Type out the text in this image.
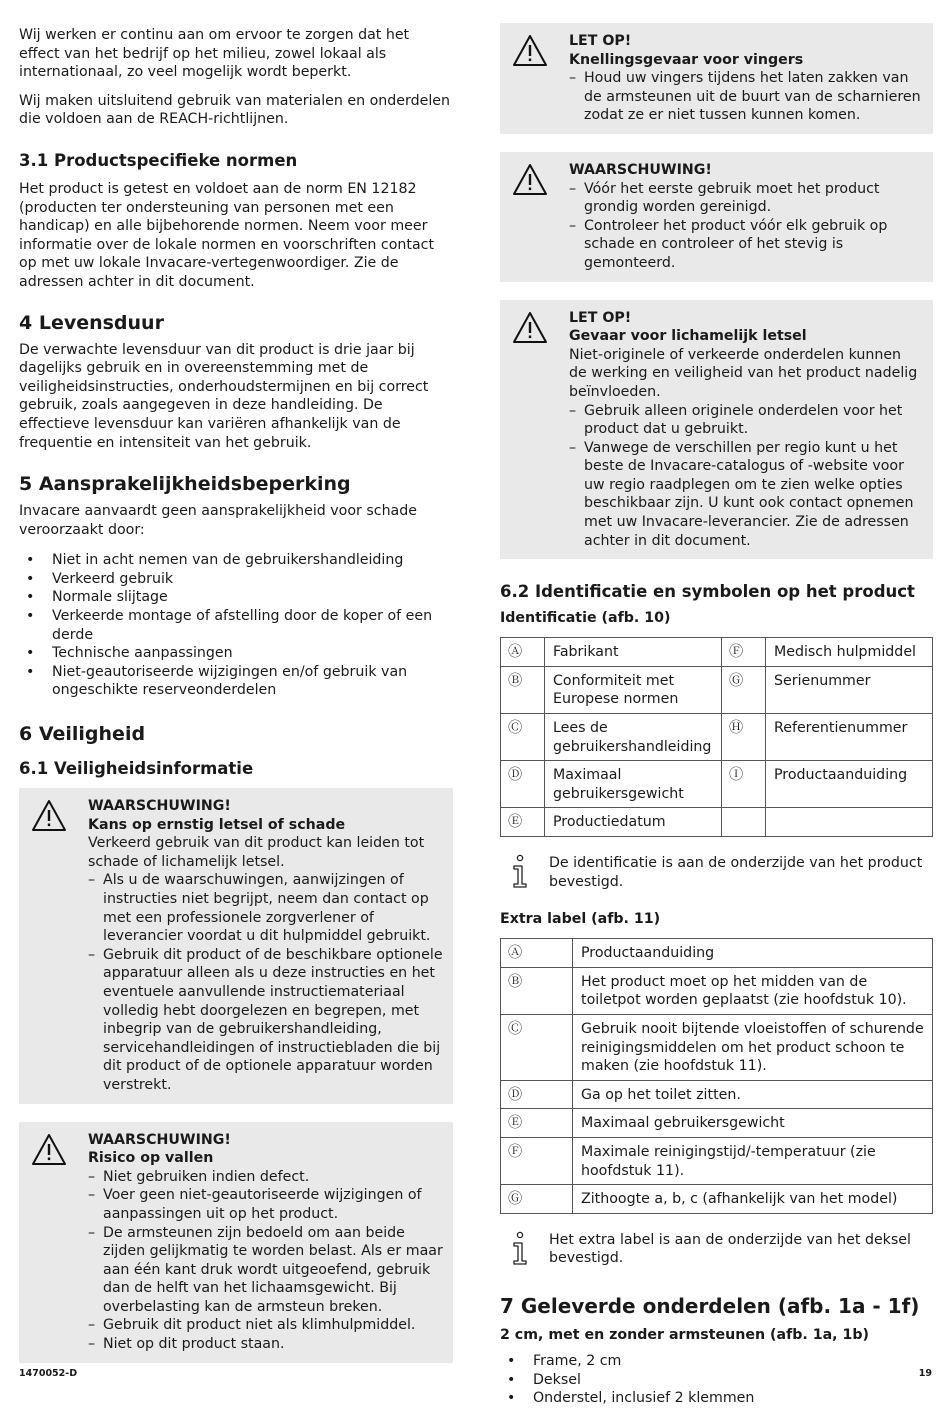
Wij werken er continu aan om ervoor te zorgen dat het effect van het bedrijf op het milieu, zowel lokaal als internationaal, zo veel mogelijk wordt beperkt.

Wij maken uitsluitend gebruik van materialen en onderdelen die voldoen aan de REACH-richtlijnen.

3.1 Productspecifieke normen

Het product is getest en voldoet aan de norm EN 12182 (producten ter ondersteuning van personen met een handicap) en alle bijbehorende normen. Neem voor meer informatie over de lokale normen en voorschriften contact op met uw lokale Invacare-vertegenwoordiger. Zie de adressen achter in dit document.

4 Levensduur

De verwachte levensduur van dit product is drie jaar bij dagelijks gebruik en in overeenstemming met de veiligheidsinstructies, onderhoudstermijnen en bij correct gebruik, zoals aangegeven in deze handleiding. De effectieve levensduur kan variëren afhankelijk van de frequentie en intensiteit van het gebruik.

5 Aansprakelijkheidsbeperking

Invacare aanvaardt geen aansprakelijkheid voor schade veroorzaakt door:

• Niet in acht nemen van de gebruikershandleiding
• Verkeerd gebruik
• Normale slijtage
• Verkeerde montage of afstelling door de koper of een derde
• Technische aanpassingen
• Niet-geautoriseerde wijzigingen en/of gebruik van ongeschikte reserveonderdelen
6 Veiligheid
6.1 Veiligheidsinformatie
WAARSCHUWING!
Kans op ernstig letsel of schade
Verkeerd gebruik van dit product kan leiden tot schade of lichamelijk letsel.
– Als u de waarschuwingen, aanwijzingen of instructies niet begrijpt, neem dan contact op met een professionele zorgverlener of leverancier voordat u dit hulpmiddel gebruikt.
– Gebruik dit product of de beschikbare optionele apparatuur alleen als u deze instructies en het eventuele aanvullende instructiemateriaal volledig hebt doorgelezen en begrepen, met inbegrip van de gebruikershandleiding, servicehandleidingen of instructiebladen die bij dit product of de optionele apparatuur worden verstrekt.
WAARSCHUWING!
Risico op vallen
– Niet gebruiken indien defect.
– Voer geen niet-geautoriseerde wijzigingen of aanpassingen uit op het product.
– De armsteunen zijn bedoeld om aan beide zijden gelijkmatig te worden belast. Als er maar aan één kant druk wordt uitgeoefend, gebruik dan de helft van het lichaamsgewicht. Bij overbelasting kan de armsteun breken.
– Gebruik dit product niet als klimhulpmiddel.
– Niet op dit product staan.
LET OP!
Knellingsgevaar voor vingers
– Houd uw vingers tijdens het laten zakken van de armsteunen uit de buurt van de scharnieren zodat ze er niet tussen kunnen komen.
WAARSCHUWING!
– Vóór het eerste gebruik moet het product grondig worden gereinigd.
– Controleer het product vóór elk gebruik op schade en controleer of het stevig is gemonteerd.
LET OP!
Gevaar voor lichamelijk letsel
Niet-originele of verkeerde onderdelen kunnen de werking en veiligheid van het product nadelig beïnvloeden.
– Gebruik alleen originele onderdelen voor het product dat u gebruikt.
– Vanwege de verschillen per regio kunt u het beste de Invacare-catalogus of -website voor uw regio raadplegen om te zien welke opties beschikbaar zijn. U kunt ook contact opnemen met uw Invacare-leverancier. Zie de adressen achter in dit document.
6.2 Identificatie en symbolen op het product
Identificatie (afb. 10)
Ⓐ	Fabrikant	Ⓕ	Medisch hulpmiddel
Ⓑ	Conformiteit met Europese normen	Ⓖ	Serienummer
Ⓒ	Lees de gebruikershandleiding	Ⓗ	Referentienummer
Ⓓ	Maximaal gebruikersgewicht	Ⓘ	Productaanduiding
Ⓔ	Productiedatum		
De identificatie is aan de onderzijde van het product bevestigd.
Extra label (afb. 11)
Ⓐ	Productaanduiding
Ⓑ	Het product moet op het midden van de toiletpot worden geplaatst (zie hoofdstuk 10).
Ⓒ	Gebruik nooit bijtende vloeistoffen of schurende reinigingsmiddelen om het product schoon te maken (zie hoofdstuk 11).
Ⓓ	Ga op het toilet zitten.
Ⓔ	Maximaal gebruikersgewicht
Ⓕ	Maximale reinigingstijd/-temperatuur (zie hoofdstuk 11).
Ⓖ	Zithoogte a, b, c (afhankelijk van het model)
Het extra label is aan de onderzijde van het deksel bevestigd.
7 Geleverde onderdelen (afb. 1a - 1f)
2 cm, met en zonder armsteunen (afb. 1a, 1b)
• Frame, 2 cm
• Deksel
• Onderstel, inclusief 2 klemmen
1470052-D	19
